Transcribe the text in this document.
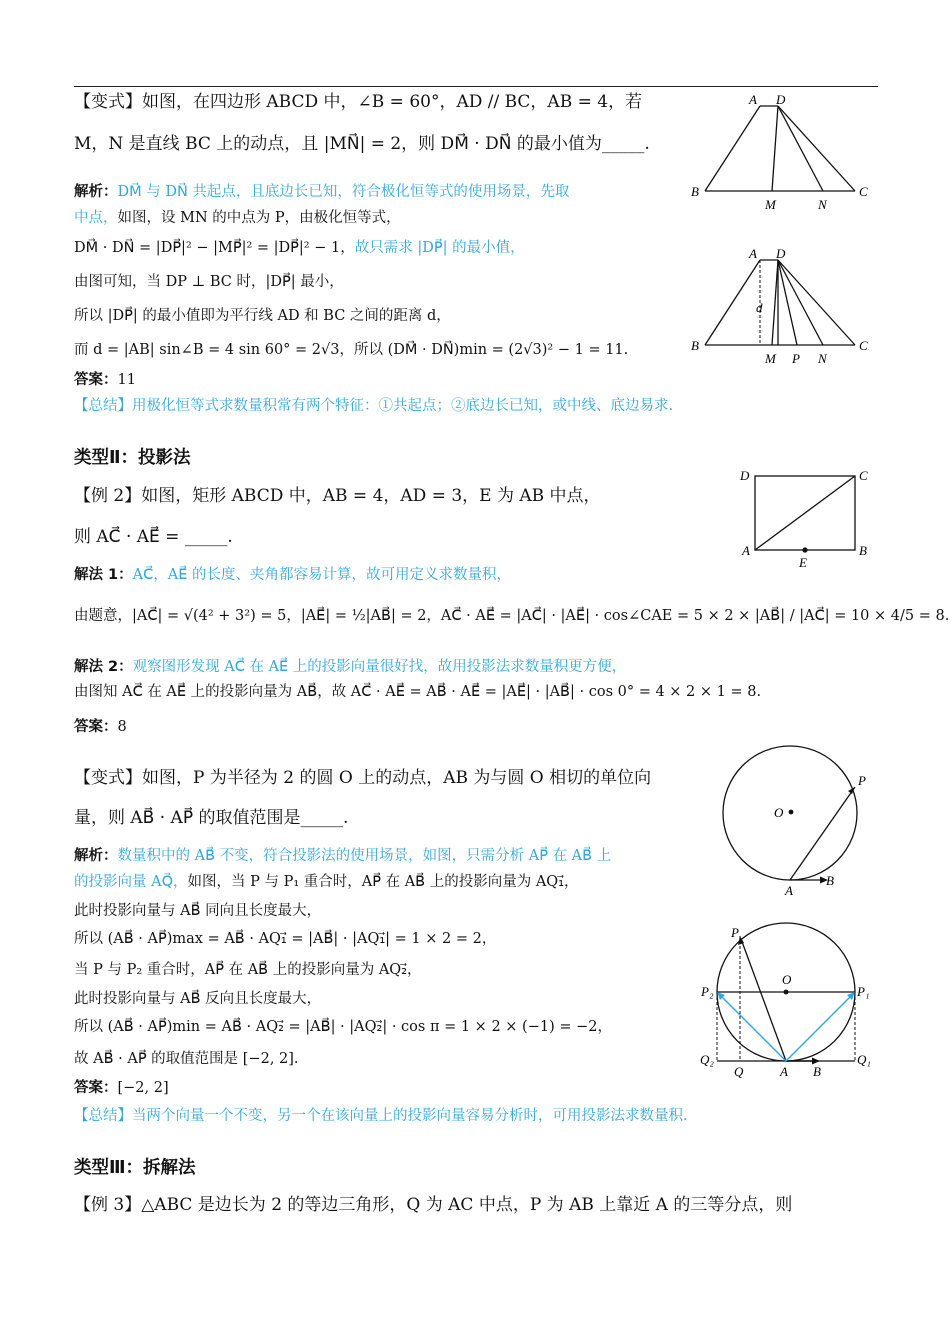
【变式】如图，在四边形 ABCD 中，∠B = 60°，AD // BC，AB = 4，若
M，N 是直线 BC 上的动点，且 |MN⃗| = 2，则 DM⃗ · DN⃗ 的最小值为_____.
解析：DM⃗ 与 DN⃗ 共起点，且底边长已知，符合极化恒等式的使用场景，先取
中点，如图，设 MN 的中点为 P，由极化恒等式，
DM⃗ · DN⃗ = |DP⃗|² − |MP⃗|² = |DP⃗|² − 1，故只需求 |DP⃗| 的最小值，
由图可知，当 DP ⊥ BC 时，|DP⃗| 最小，
所以 |DP⃗| 的最小值即为平行线 AD 和 BC 之间的距离 d，
而 d = |AB| sin∠B = 4 sin 60° = 2√3，所以 (DM⃗ · DN⃗)min = (2√3)² − 1 = 11.
答案：11
【总结】用极化恒等式求数量积常有两个特征：①共起点；②底边长已知，或中线、底边易求.
A D
B
M	N
C
A D
d
B
M P N
C
类型Ⅱ：投影法
【例 2】如图，矩形 ABCD 中，AB = 4，AD = 3，E 为 AB 中点，
则 AC⃗ · AE⃗ = _____.
解法 1：AC⃗，AE⃗ 的长度、夹角都容易计算，故可用定义求数量积，
由题意，|AC⃗| = √(4² + 3²) = 5，|AE⃗| = ½|AB⃗| = 2，AC⃗ · AE⃗ = |AC⃗| · |AE⃗| · cos∠CAE = 5 × 2 × |AB⃗| / |AC⃗| = 10 × 4/5 = 8.
解法 2：观察图形发现 AC⃗ 在 AE⃗ 上的投影向量很好找，故用投影法求数量积更方便，
由图知 AC⃗ 在 AE⃗ 上的投影向量为 AB⃗，故 AC⃗ · AE⃗ = AB⃗ · AE⃗ = |AE⃗| · |AB⃗| · cos 0° = 4 × 2 × 1 = 8.
答案：8
D	C
A	B
E
【变式】如图，P 为半径为 2 的圆 O 上的动点，AB 为与圆 O 相切的单位向
量，则 AB⃗ · AP⃗ 的取值范围是_____.
解析：数量积中的 AB⃗ 不变，符合投影法的使用场景，如图，只需分析 AP⃗ 在 AB⃗ 上
的投影向量 AQ⃗，如图，当 P 与 P₁ 重合时，AP⃗ 在 AB⃗ 上的投影向量为 AQ₁⃗，
此时投影向量与 AB⃗ 同向且长度最大，
所以 (AB⃗ · AP⃗)max = AB⃗ · AQ₁⃗ = |AB⃗| · |AQ₁⃗| = 1 × 2 = 2，
当 P 与 P₂ 重合时，AP⃗ 在 AB⃗ 上的投影向量为 AQ₂⃗，
此时投影向量与 AB⃗ 反向且长度最大，
所以 (AB⃗ · AP⃗)min = AB⃗ · AQ₂⃗ = |AB⃗| · |AQ₂⃗| · cos π = 1 × 2 × (−1) = −2，
故 AB⃗ · AP⃗ 的取值范围是 [−2, 2].
答案：[−2, 2]
【总结】当两个向量一个不变，另一个在该向量上的投影向量容易分析时，可用投影法求数量积.
P
O
A
B
P
O
P₂	P₁
Q₂	Q₁
Q	A B
类型Ⅲ：拆解法
【例 3】△ABC 是边长为 2 的等边三角形，Q 为 AC 中点，P 为 AB 上靠近 A 的三等分点，则
